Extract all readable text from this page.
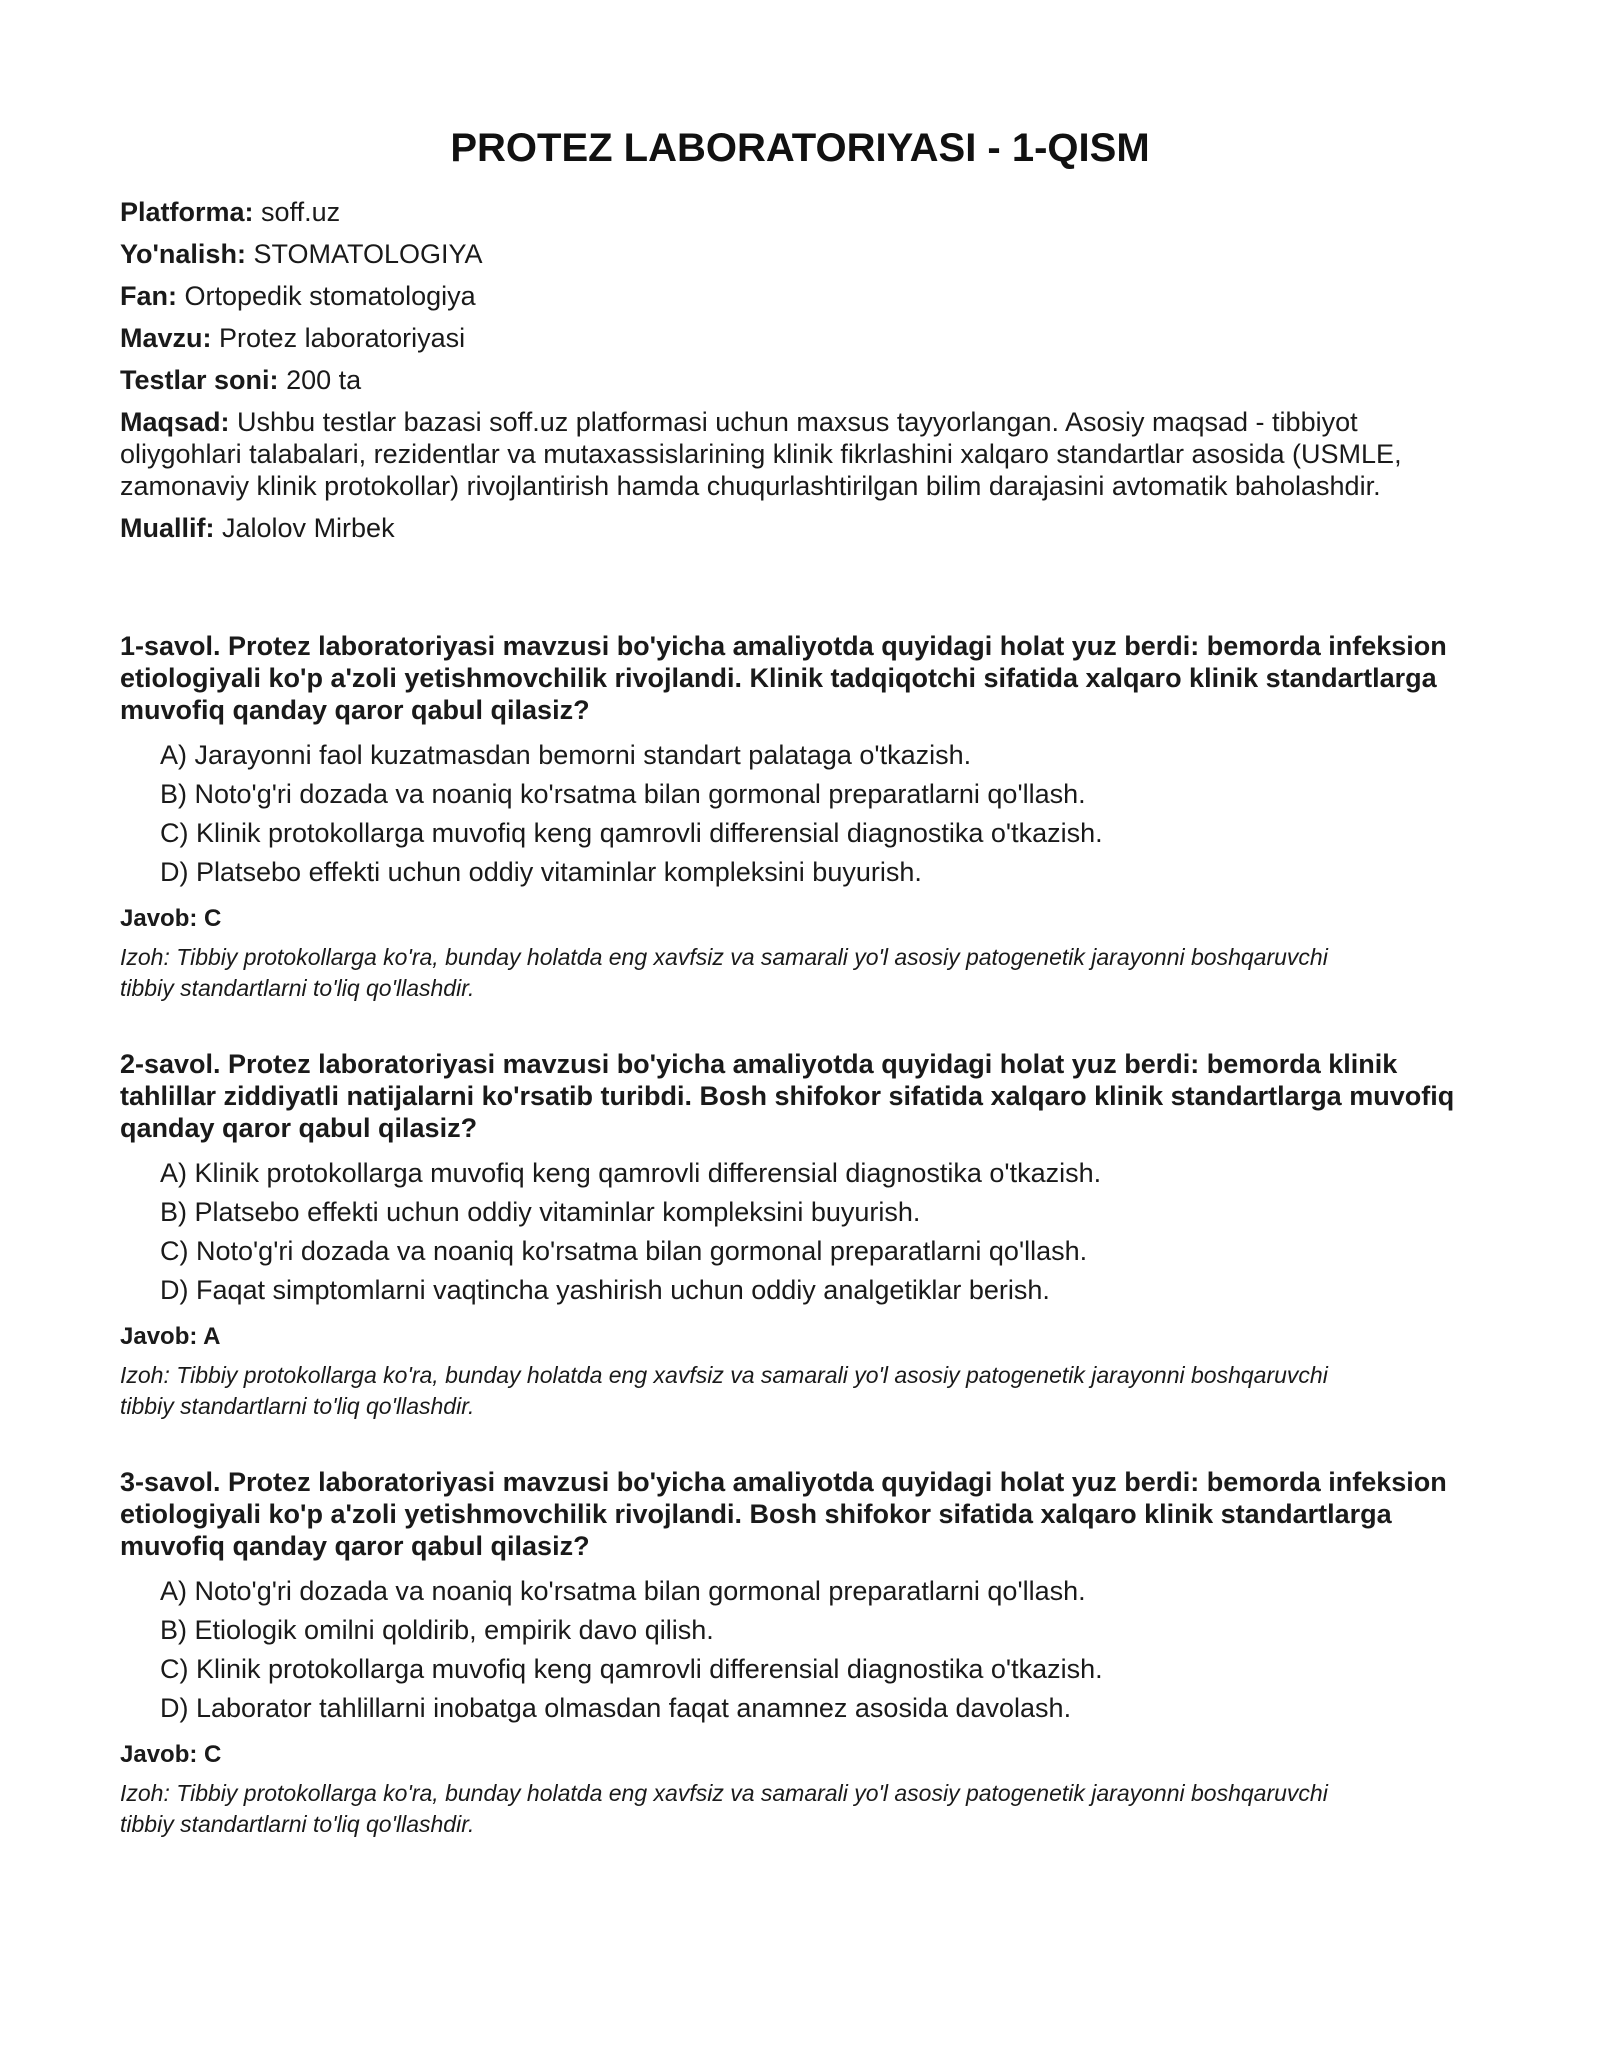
PROTEZ LABORATORIYASI - 1-QISM

Platforma: soff.uz

Yo'nalish: STOMATOLOGIYA

Fan: Ortopedik stomatologiya

Mavzu: Protez laboratoriyasi

Testlar soni: 200 ta

Maqsad: Ushbu testlar bazasi soff.uz platformasi uchun maxsus tayyorlangan. Asosiy maqsad - tibbiyot oliygohlari talabalari, rezidentlar va mutaxassislarining klinik fikrlashini xalqaro standartlar asosida (USMLE, zamonaviy klinik protokollar) rivojlantirish hamda chuqurlashtirilgan bilim darajasini avtomatik baholashdir.

Muallif: Jalolov Mirbek

1-savol. Protez laboratoriyasi mavzusi bo'yicha amaliyotda quyidagi holat yuz berdi: bemorda infeksion etiologiyali ko'p a'zoli yetishmovchilik rivojlandi. Klinik tadqiqotchi sifatida xalqaro klinik standartlarga muvofiq qanday qaror qabul qilasiz?

A) Jarayonni faol kuzatmasdan bemorni standart palataga o'tkazish.
B) Noto'g'ri dozada va noaniq ko'rsatma bilan gormonal preparatlarni qo'llash.
C) Klinik protokollarga muvofiq keng qamrovli differensial diagnostika o'tkazish.
D) Platsebo effekti uchun oddiy vitaminlar kompleksini buyurish.

Javob: C

Izoh: Tibbiy protokollarga ko'ra, bunday holatda eng xavfsiz va samarali yo'l asosiy patogenetik jarayonni boshqaruvchi tibbiy standartlarni to'liq qo'llashdir.

2-savol. Protez laboratoriyasi mavzusi bo'yicha amaliyotda quyidagi holat yuz berdi: bemorda klinik tahlillar ziddiyatli natijalarni ko'rsatib turibdi. Bosh shifokor sifatida xalqaro klinik standartlarga muvofiq qanday qaror qabul qilasiz?

A) Klinik protokollarga muvofiq keng qamrovli differensial diagnostika o'tkazish.
B) Platsebo effekti uchun oddiy vitaminlar kompleksini buyurish.
C) Noto'g'ri dozada va noaniq ko'rsatma bilan gormonal preparatlarni qo'llash.
D) Faqat simptomlarni vaqtincha yashirish uchun oddiy analgetiklar berish.

Javob: A

Izoh: Tibbiy protokollarga ko'ra, bunday holatda eng xavfsiz va samarali yo'l asosiy patogenetik jarayonni boshqaruvchi tibbiy standartlarni to'liq qo'llashdir.

3-savol. Protez laboratoriyasi mavzusi bo'yicha amaliyotda quyidagi holat yuz berdi: bemorda infeksion etiologiyali ko'p a'zoli yetishmovchilik rivojlandi. Bosh shifokor sifatida xalqaro klinik standartlarga muvofiq qanday qaror qabul qilasiz?

A) Noto'g'ri dozada va noaniq ko'rsatma bilan gormonal preparatlarni qo'llash.
B) Etiologik omilni qoldirib, empirik davo qilish.
C) Klinik protokollarga muvofiq keng qamrovli differensial diagnostika o'tkazish.
D) Laborator tahlillarni inobatga olmasdan faqat anamnez asosida davolash.

Javob: C

Izoh: Tibbiy protokollarga ko'ra, bunday holatda eng xavfsiz va samarali yo'l asosiy patogenetik jarayonni boshqaruvchi tibbiy standartlarni to'liq qo'llashdir.
